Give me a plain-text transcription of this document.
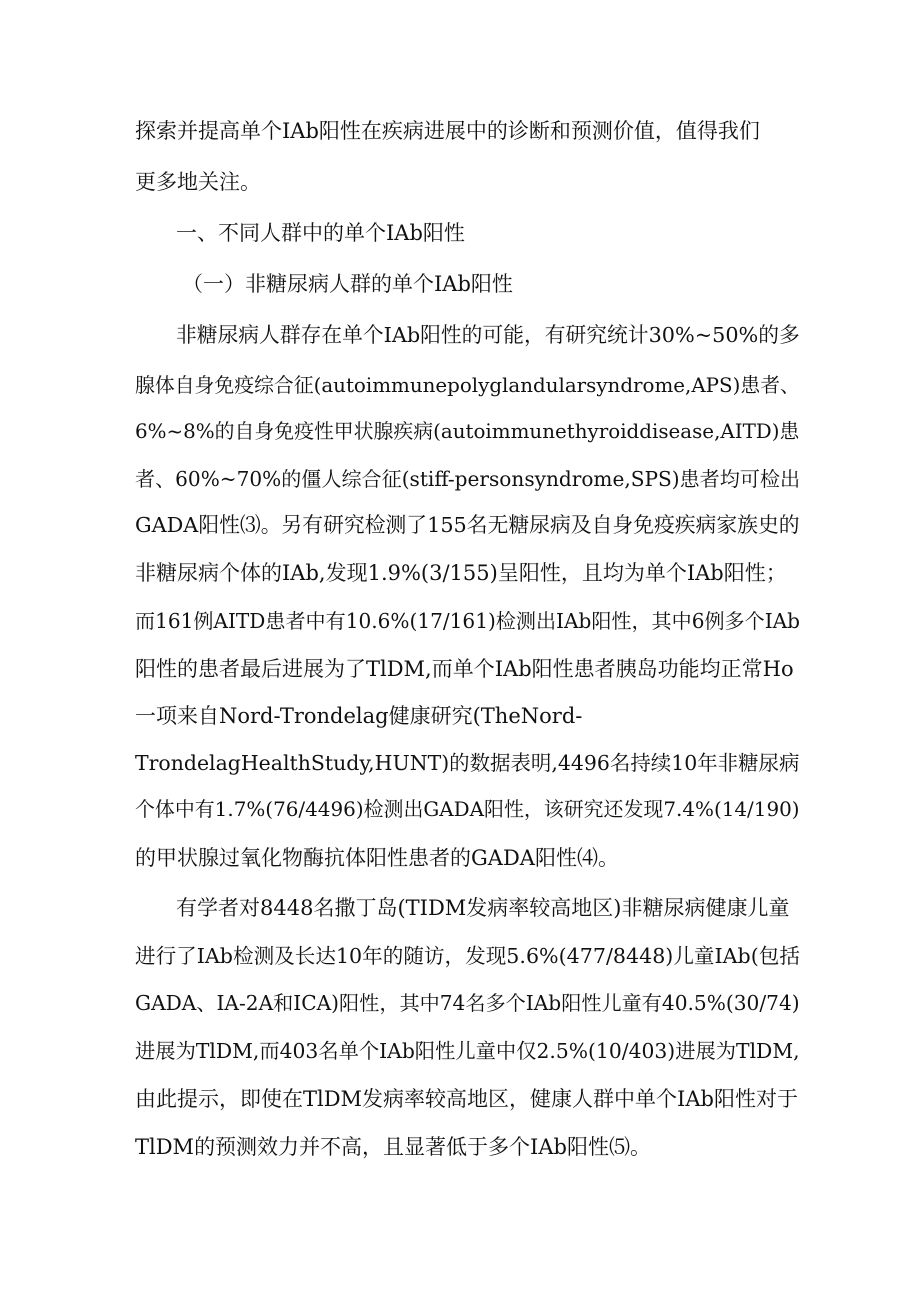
探索并提高单个IAb阳性在疾病进展中的诊断和预测价值，值得我们
更多地关注。
一、不同人群中的单个IAb阳性
（一）非糖尿病人群的单个IAb阳性
非糖尿病人群存在单个IAb阳性的可能，有研究统计30%~50%的多
腺体自身免疫综合征(autoimmunepolyglandularsyndrome,APS)患者、
6%~8%的自身免疫性甲状腺疾病(autoimmunethyroiddisease,AITD)患
者、60%~70%的僵人综合征(stiff-personsyndrome,SPS)患者均可检出
GADA阳性⑶。另有研究检测了155名无糖尿病及自身免疫疾病家族史的
非糖尿病个体的IAb,发现1.9%(3/155)呈阳性，且均为单个IAb阳性；
而161例AITD患者中有10.6%(17/161)检测出IAb阳性，其中6例多个IAb
阳性的患者最后进展为了TlDM,而单个IAb阳性患者胰岛功能均正常Ho
一项来自Nord-Trondelag健康研究(TheNord-
TrondelagHealthStudy,HUNT)的数据表明,4496名持续10年非糖尿病
个体中有1.7%(76/4496)检测出GADA阳性，该研究还发现7.4%(14/190)
的甲状腺过氧化物酶抗体阳性患者的GADA阳性⑷。
有学者对8448名撒丁岛(TIDM发病率较高地区)非糖尿病健康儿童
进行了IAb检测及长达10年的随访，发现5.6%(477/8448)儿童IAb(包括
GADA、IA-2A和ICA)阳性，其中74名多个IAb阳性儿童有40.5%(30/74)
进展为TlDM,而403名单个IAb阳性儿童中仅2.5%(10/403)进展为TlDM,
由此提示，即使在TlDM发病率较高地区，健康人群中单个IAb阳性对于
TlDM的预测效力并不高，且显著低于多个IAb阳性⑸。
